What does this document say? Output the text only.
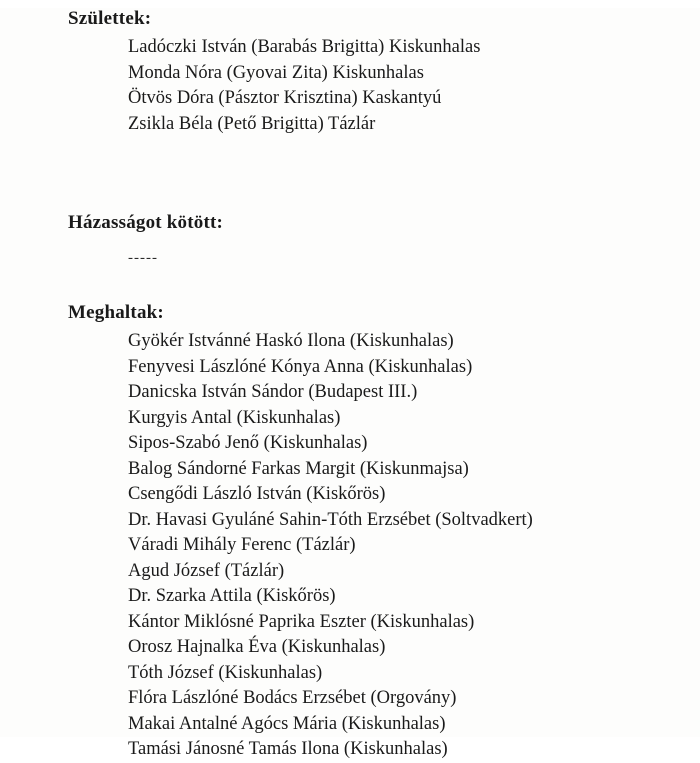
Születtek:
Ladóczki István (Barabás Brigitta) Kiskunhalas
Monda Nóra (Gyovai Zita) Kiskunhalas
Ötvös Dóra (Pásztor Krisztina) Kaskantyú
Zsikla Béla (Pető Brigitta) Tázlár
Házasságot kötött:
-----
Meghaltak:
Gyökér Istvánné Haskó Ilona (Kiskunhalas)
Fenyvesi Lászlóné Kónya Anna (Kiskunhalas)
Danicska István Sándor (Budapest III.)
Kurgyis Antal (Kiskunhalas)
Sipos-Szabó Jenő (Kiskunhalas)
Balog Sándorné Farkas Margit (Kiskunmajsa)
Csengődi László István (Kiskőrös)
Dr. Havasi Gyuláné Sahin-Tóth Erzsébet (Soltvadkert)
Váradi Mihály Ferenc (Tázlár)
Agud József (Tázlár)
Dr. Szarka Attila (Kiskőrös)
Kántor Miklósné Paprika Eszter (Kiskunhalas)
Orosz Hajnalka Éva (Kiskunhalas)
Tóth József (Kiskunhalas)
Flóra Lászlóné Bodács Erzsébet (Orgovány)
Makai Antalné Agócs Mária (Kiskunhalas)
Tamási Jánosné Tamás Ilona (Kiskunhalas)
